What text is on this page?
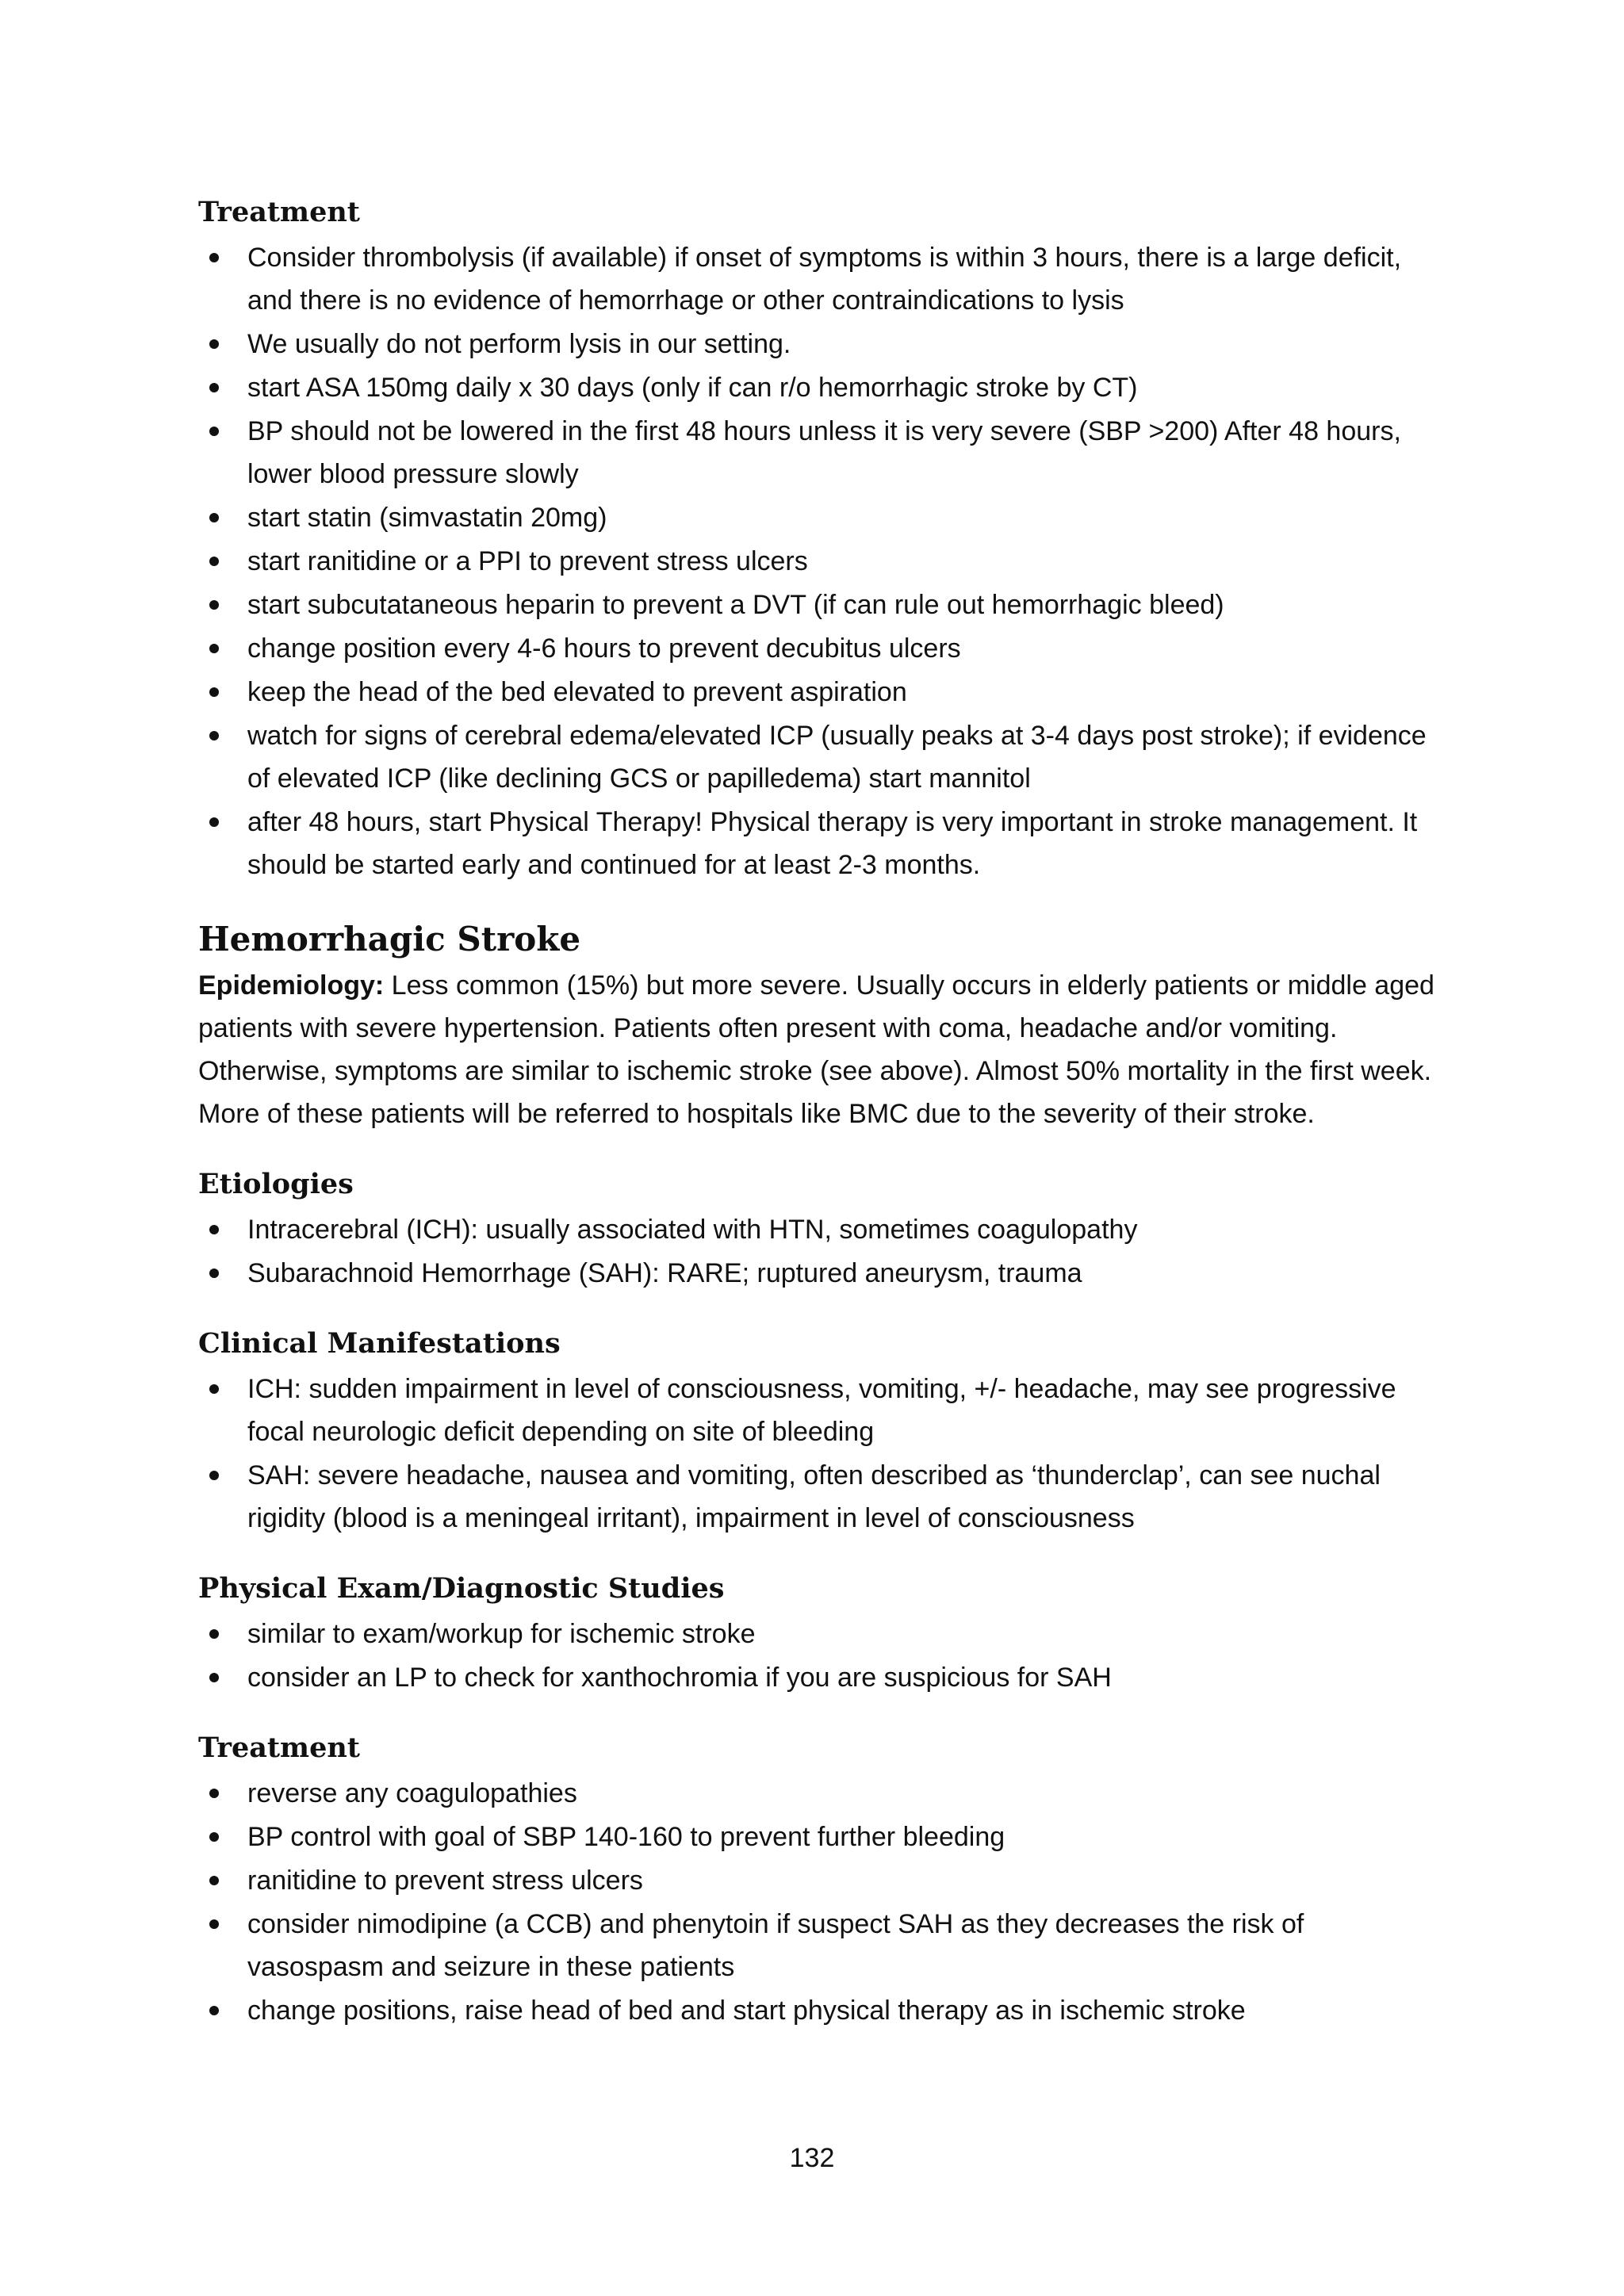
Treatment
Consider thrombolysis (if available) if onset of symptoms is within 3 hours, there is a large deficit, and there is no evidence of hemorrhage or other contraindications to lysis
We usually do not perform lysis in our setting.
start ASA 150mg daily x 30 days (only if can r/o hemorrhagic stroke by CT)
BP should not be lowered in the first 48 hours unless it is very severe (SBP >200) After 48 hours, lower blood pressure slowly
start statin (simvastatin 20mg)
start ranitidine or a PPI to prevent stress ulcers
start subcutataneous heparin to prevent a DVT (if can rule out hemorrhagic bleed)
change position every 4-6 hours to prevent decubitus ulcers
keep the head of the bed elevated to prevent aspiration
watch for signs of cerebral edema/elevated ICP (usually peaks at 3-4 days post stroke); if evidence of elevated ICP (like declining GCS or papilledema) start mannitol
after 48 hours, start Physical Therapy! Physical therapy is very important in stroke management. It should be started early and continued for at least 2-3 months.
Hemorrhagic Stroke

Epidemiology: Less common (15%) but more severe. Usually occurs in elderly patients or middle aged patients with severe hypertension. Patients often present with coma, headache and/or vomiting. Otherwise, symptoms are similar to ischemic stroke (see above). Almost 50% mortality in the first week. More of these patients will be referred to hospitals like BMC due to the severity of their stroke.

Etiologies
Intracerebral (ICH): usually associated with HTN, sometimes coagulopathy
Subarachnoid Hemorrhage (SAH): RARE; ruptured aneurysm, trauma
Clinical Manifestations
ICH: sudden impairment in level of consciousness, vomiting, +/- headache, may see progressive focal neurologic deficit depending on site of bleeding
SAH: severe headache, nausea and vomiting, often described as ‘thunderclap’, can see nuchal rigidity (blood is a meningeal irritant), impairment in level of consciousness
Physical Exam/Diagnostic Studies
similar to exam/workup for ischemic stroke
consider an LP to check for xanthochromia if you are suspicious for SAH
Treatment
reverse any coagulopathies
BP control with goal of SBP 140-160 to prevent further bleeding
ranitidine to prevent stress ulcers
consider nimodipine (a CCB) and phenytoin if suspect SAH as they decreases the risk of vasospasm and seizure in these patients
change positions, raise head of bed and start physical therapy as in ischemic stroke
132
